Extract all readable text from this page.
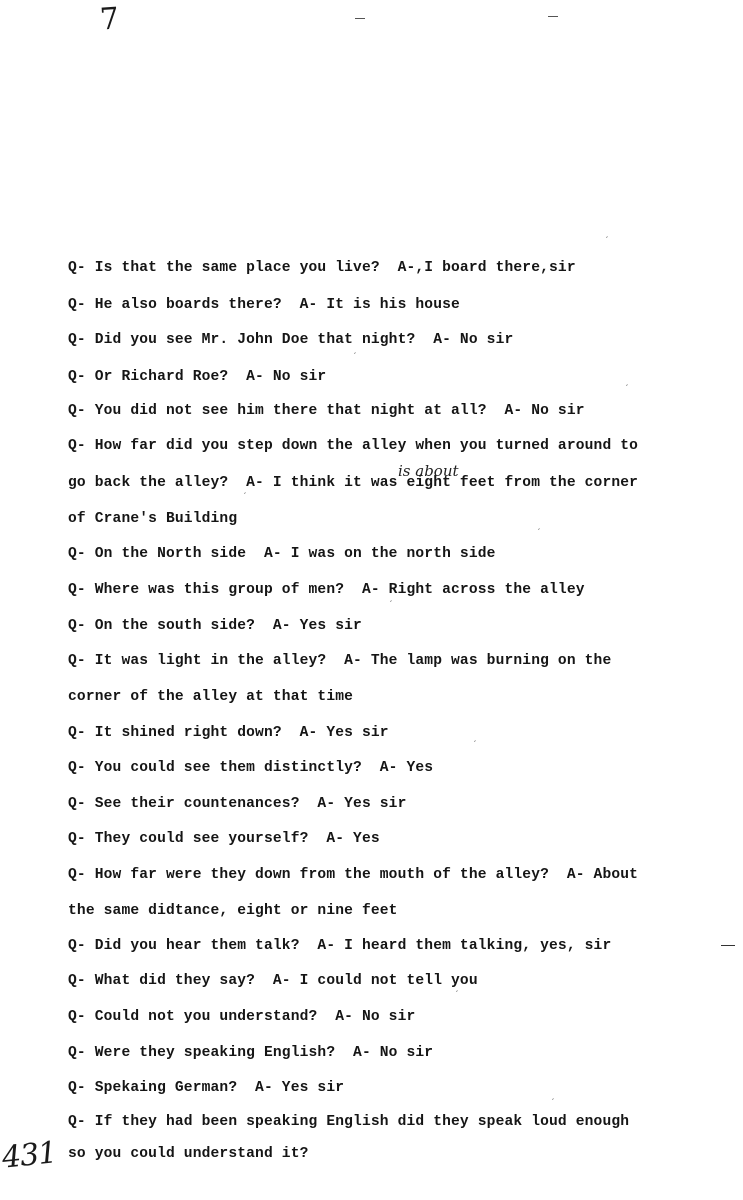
7
Q- Is that the same place you live?  A-,I board there,sir
Q- He also boards there?  A- It is his house
Q- Did you see Mr. John Doe that night?  A- No sir
Q- Or Richard Roe?  A- No sir
Q- You did not see him there that night at all?  A- No sir
Q- How far did you step down the alley when you turned around to
go back the alley?  A- I think it was eight feet from the corner
of Crane's Building
Q- On the North side  A- I was on the north side
Q- Where was this group of men?  A- Right across the alley
Q- On the south side?  A- Yes sir
Q- It was light in the alley?  A- The lamp was burning on the
corner of the alley at that time
Q- It shined right down?  A- Yes sir
Q- You could see them distinctly?  A- Yes
Q- See their countenances?  A- Yes sir
Q- They could see yourself?  A- Yes
Q- How far were they down from the mouth of the alley?  A- About
the same didtance, eight or nine feet
Q- Did you hear them talk?  A- I heard them talking, yes, sir
Q- What did they say?  A- I could not tell you
Q- Could not you understand?  A- No sir
Q- Were they speaking English?  A- No sir
Q- Spekaing German?  A- Yes sir
Q- If they had been speaking English did they speak loud enough
so you could understand it?
is about
′
′
′
′
′
′
′
′
′
431
